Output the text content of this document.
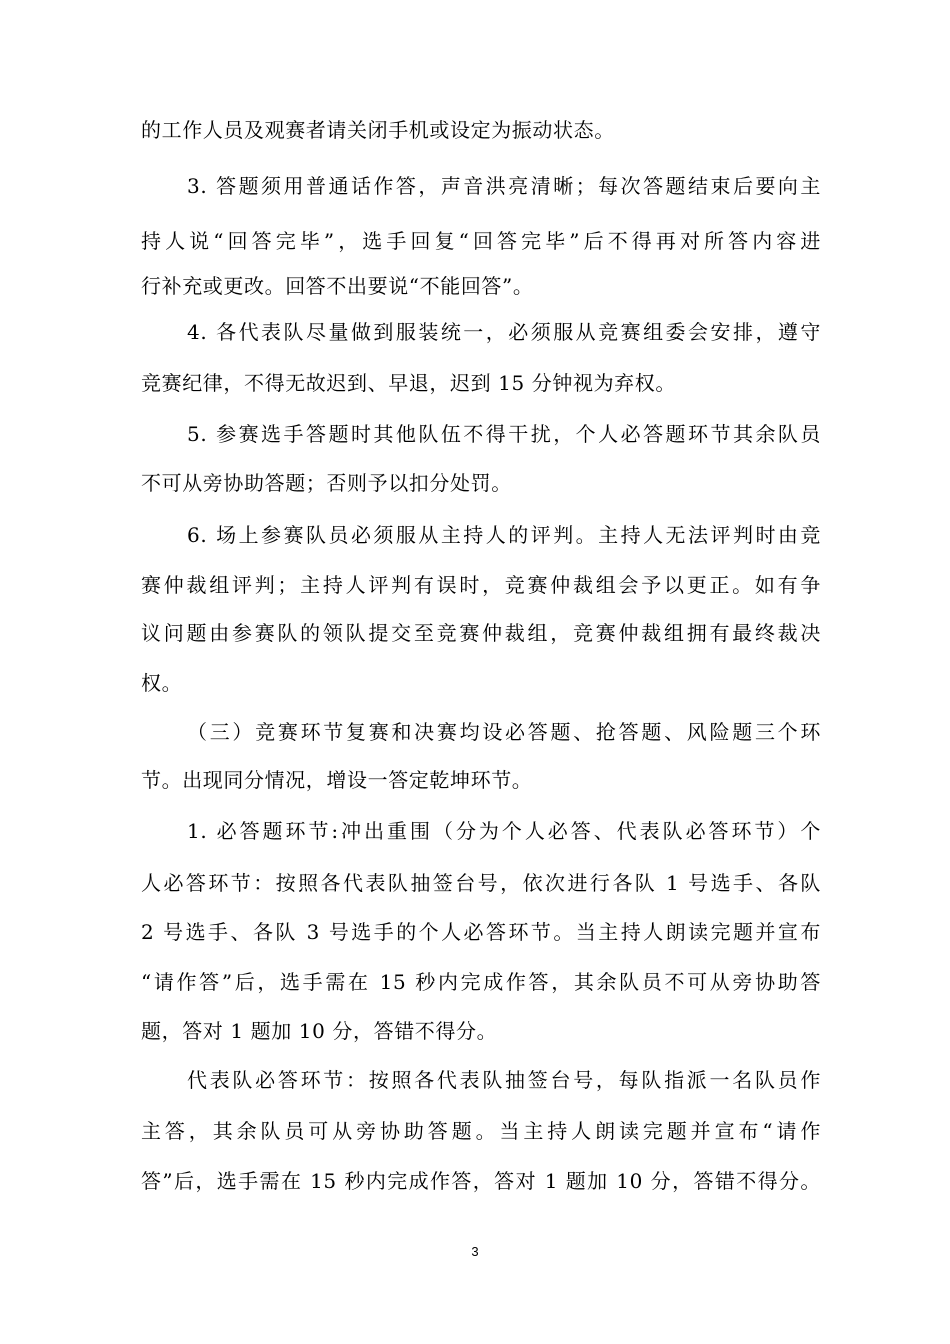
的工作人员及观赛者请关闭手机或设定为振动状态。
3. 答题须用普通话作答，声音洪亮清晰；每次答题结束后要向主
持人说“回答完毕”，选手回复“回答完毕”后不得再对所答内容进
行补充或更改。回答不出要说“不能回答”。
4. 各代表队尽量做到服装统一，必须服从竞赛组委会安排，遵守
竞赛纪律，不得无故迟到、早退，迟到 15 分钟视为弃权。
5. 参赛选手答题时其他队伍不得干扰，个人必答题环节其余队员
不可从旁协助答题；否则予以扣分处罚。
6. 场上参赛队员必须服从主持人的评判。主持人无法评判时由竞
赛仲裁组评判；主持人评判有误时，竞赛仲裁组会予以更正。如有争
议问题由参赛队的领队提交至竞赛仲裁组，竞赛仲裁组拥有最终裁决
权。
（三）竞赛环节复赛和决赛均设必答题、抢答题、风险题三个环
节。出现同分情况，增设一答定乾坤环节。
1. 必答题环节:冲出重围（分为个人必答、代表队必答环节）个
人必答环节：按照各代表队抽签台号，依次进行各队 1 号选手、各队
2 号选手、各队 3 号选手的个人必答环节。当主持人朗读完题并宣布
“请作答”后，选手需在 15 秒内完成作答，其余队员不可从旁协助答
题，答对 1 题加 10 分，答错不得分。
代表队必答环节：按照各代表队抽签台号，每队指派一名队员作
主答，其余队员可从旁协助答题。当主持人朗读完题并宣布“请作
答”后，选手需在 15 秒内完成作答，答对 1 题加 10 分，答错不得分。
3
